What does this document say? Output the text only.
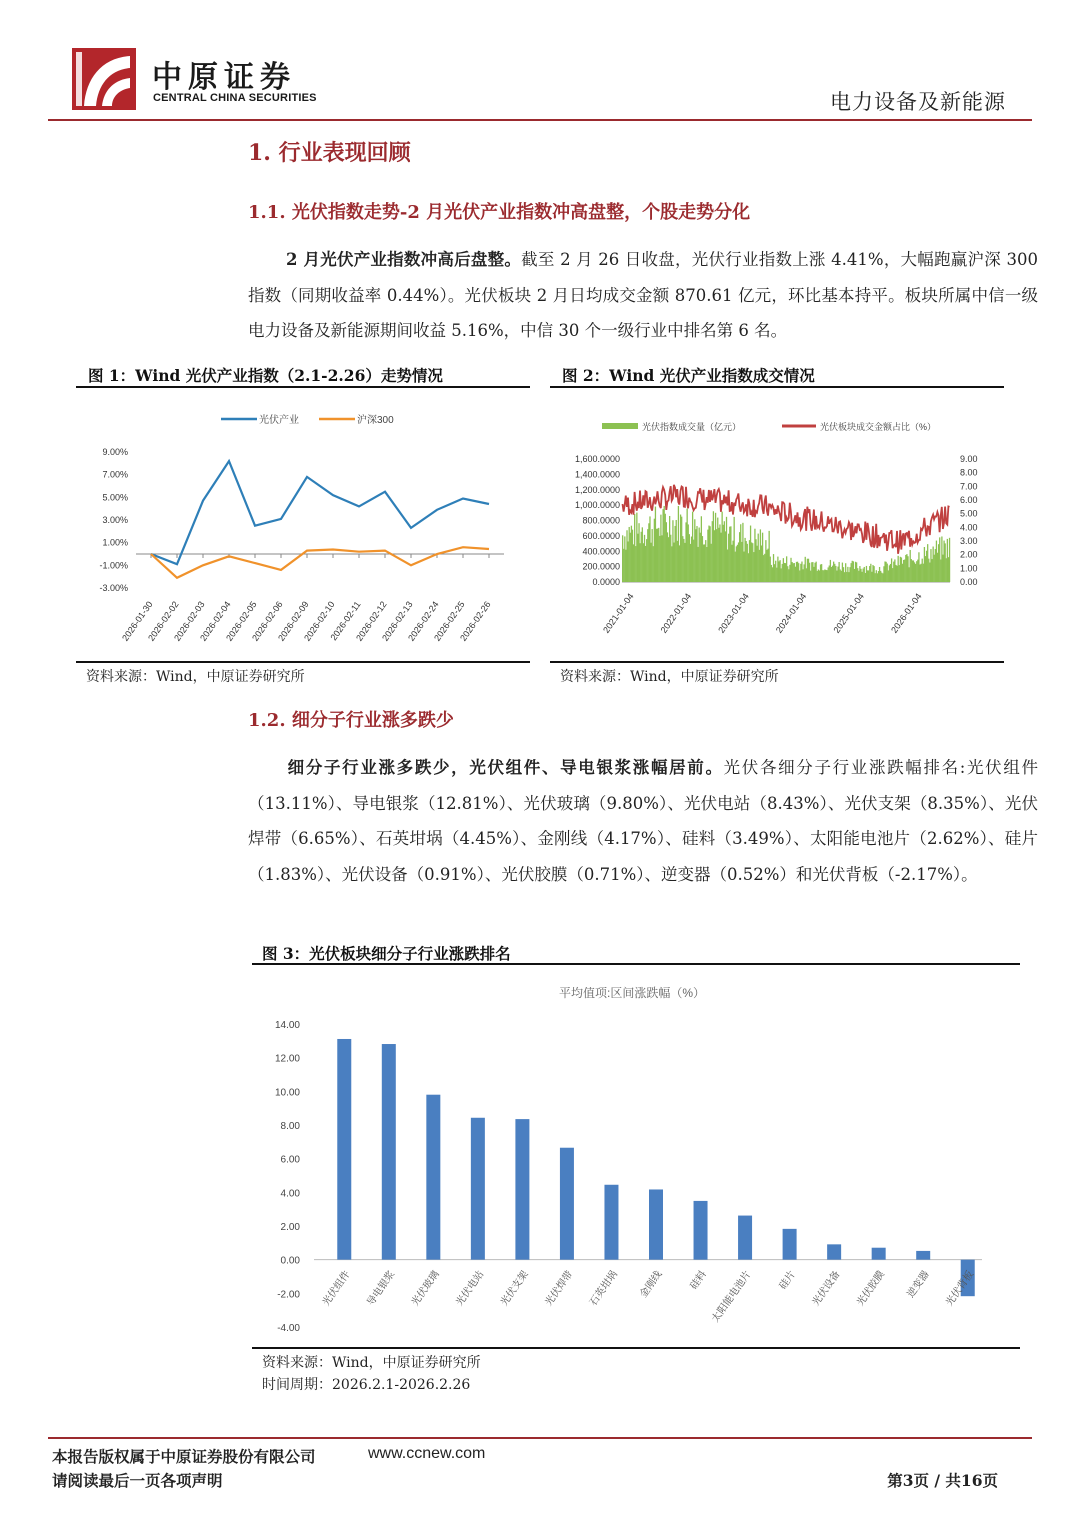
中原证券
CENTRAL CHINA SECURITIES	电力设备及新能源
1. 行业表现回顾
1.1. 光伏指数走势-2 月光伏产业指数冲高盘整，个股走势分化
2 月光伏产业指数冲高后盘整。截至 2 月 26 日收盘，光伏行业指数上涨 4.41%，大幅跑赢沪深 300 指数（同期收益率 0.44%）。光伏板块 2 月日均成交金额 870.61 亿元，环比基本持平。板块所属中信一级电力设备及新能源期间收益 5.16%，中信 30 个一级行业中排名第 6 名。
图 1：Wind 光伏产业指数（2.1-2.26）走势情况
光伏产业	沪深300
9.00%
7.00%
5.00%
3.00%
1.00%
-1.00%
-3.00%
2026-01-30
2026-02-02
2026-02-03
2026-02-04
2026-02-05
2026-02-06
2026-02-09
2026-02-10
2026-02-11
2026-02-12
2026-02-13
2026-02-24
2026-02-25
2026-02-26
资料来源：Wind，中原证券研究所
图 2：Wind 光伏产业指数成交情况
光伏指数成交量（亿元）	光伏板块成交金额占比（%）
1,600.0000
1,400.0000
1,200.0000
1,000.0000
800.0000
600.0000
400.0000
200.0000
0.0000
9.00
8.00
7.00
6.00
5.00
4.00
3.00
2.00
1.00
0.00
2021-01-04	2022-01-04	2023-01-04	2024-01-04	2025-01-04	2026-01-04
资料来源：Wind，中原证券研究所
1.2. 细分子行业涨多跌少
细分子行业涨多跌少，光伏组件、导电银浆涨幅居前。光伏各细分子行业涨跌幅排名:光伏组件（13.11%）、导电银浆（12.81%）、光伏玻璃（9.80%）、光伏电站（8.43%）、光伏支架（8.35%）、光伏焊带（6.65%）、石英坩埚（4.45%）、金刚线（4.17%）、硅料（3.49%）、太阳能电池片（2.62%）、硅片（1.83%）、光伏设备（0.91%）、光伏胶膜（0.71%）、逆变器（0.52%）和光伏背板（-2.17%）。
图 3：光伏板块细分子行业涨跌排名
平均值项:区间涨跌幅（%）
14.00
12.00
10.00
8.00
6.00
4.00
2.00
0.00
-2.00
-4.00
光伏组件 导电银浆 光伏玻璃 光伏电站 光伏支架 光伏焊带 石英坩埚 金刚线 硅料 太阳能电池片 硅片 光伏设备 光伏胶膜 逆变器 光伏背板
资料来源：Wind，中原证券研究所
时间周期：2026.2.1-2026.2.26
本报告版权属于中原证券股份有限公司	www.ccnew.com
请阅读最后一页各项声明	第3页 / 共16页
